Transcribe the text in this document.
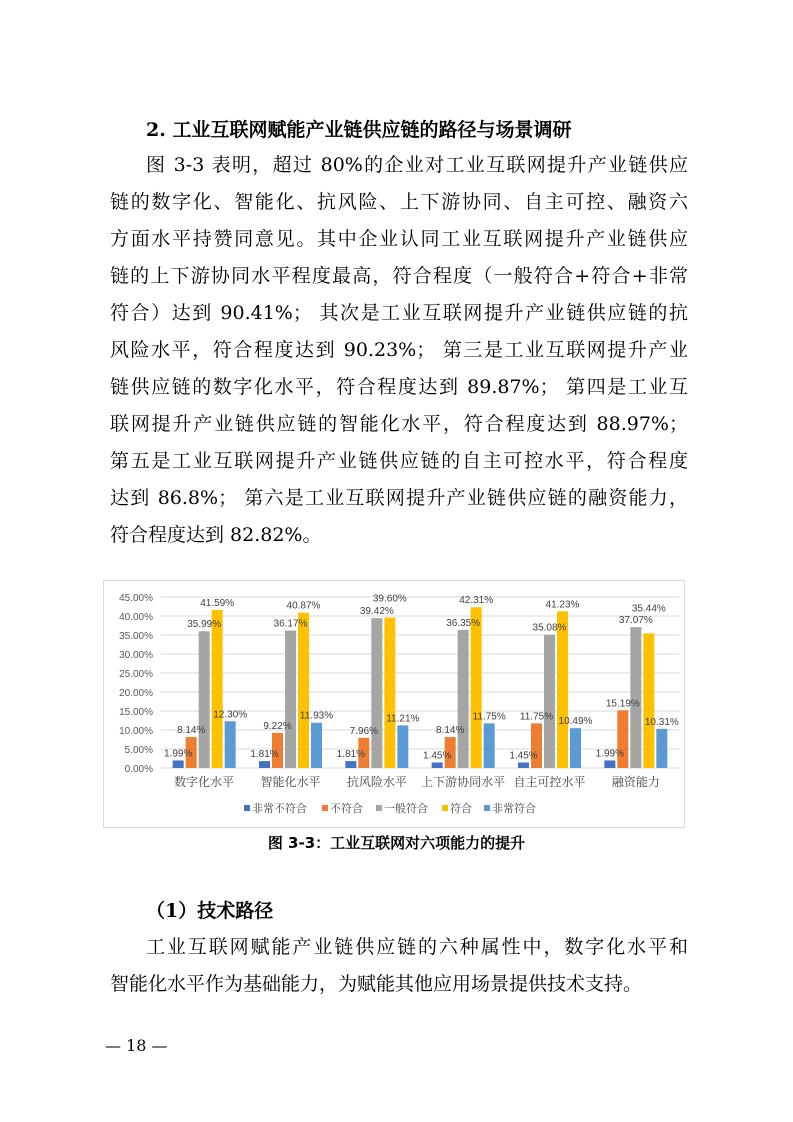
2. 工业互联网赋能产业链供应链的路径与场景调研
图 3-3 表明，超过 80%的企业对工业互联网提升产业链供应
链的数字化、智能化、抗风险、上下游协同、自主可控、融资六
方面水平持赞同意见。其中企业认同工业互联网提升产业链供应
链的上下游协同水平程度最高，符合程度（一般符合+符合+非常
符合）达到 90.41%； 其次是工业互联网提升产业链供应链的抗
风险水平，符合程度达到 90.23%； 第三是工业互联网提升产业
链供应链的数字化水平，符合程度达到 89.87%； 第四是工业互
联网提升产业链供应链的智能化水平，符合程度达到 88.97%；
第五是工业互联网提升产业链供应链的自主可控水平，符合程度
达到 86.8%； 第六是工业互联网提升产业链供应链的融资能力，
符合程度达到 82.82%。
0.00%
5.00%
10.00%
15.00%
20.00%
25.00%
30.00%
35.00%
40.00%
45.00%
数字化水平 智能化水平 抗风险水平 上下游协同水平 自主可控水平 融资能力
1.99%
8.14%
35.99%
41.59%
12.30%
1.81%
9.22%
36.17%
40.87%
11.93%
1.81%
7.96%
39.42%
39.60%
11.21%
1.45%
8.14%
36.35%
42.31%
11.75%
1.45%
11.75%
35.08%
41.23%
10.49%
1.99%
15.19%
37.07%
35.44%
10.31%
非常不符合 不符合 一般符合 符合 非常符合
图 3-3：工业互联网对六项能力的提升
（1）技术路径
工业互联网赋能产业链供应链的六种属性中，数字化水平和
智能化水平作为基础能力，为赋能其他应用场景提供技术支持。
— 18 —
